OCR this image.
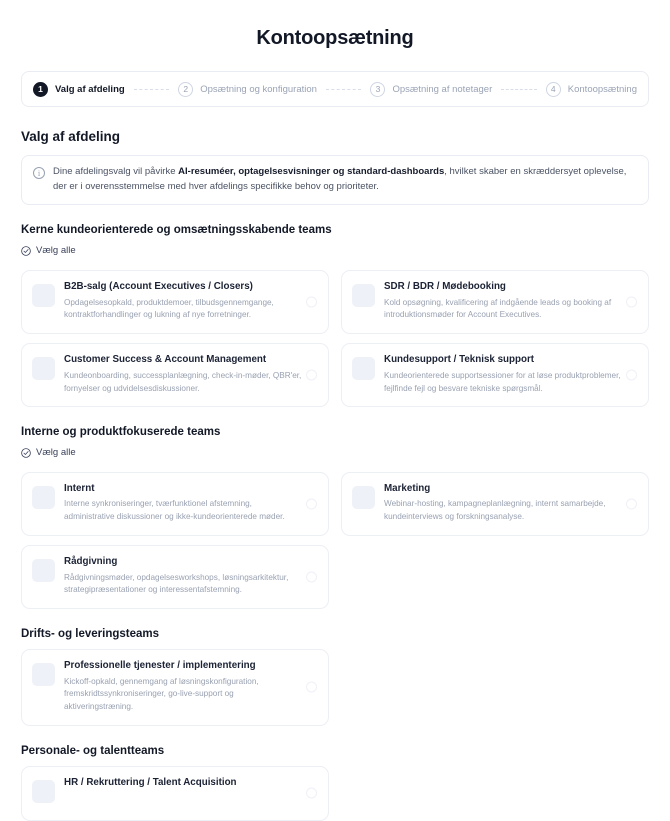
Kontoopsætning
1	Valg af afdeling	2	Opsætning og konfiguration	3	Opsætning af notetager	4	Kontoopsætning
Valg af afdeling
i	Dine afdelingsvalg vil påvirke AI-resuméer, optagelsesvisninger og standard-dashboards, hvilket skaber en skræddersyet oplevelse, der er i overensstemmelse med hver afdelings specifikke behov og prioriteter.
Kerne kundeorienterede og omsætningsskabende teams
Vælg alle
B2B-salg (Account Executives / Closers)
Opdagelsesopkald, produktdemoer, tilbudsgennemgange, kontraktforhandlinger og lukning af nye forretninger.
SDR / BDR / Mødebooking
Kold opsøgning, kvalificering af indgående leads og booking af introduktionsmøder for Account Executives.
Customer Success & Account Management
Kundeonboarding, successplanlægning, check-in-møder, QBR'er, fornyelser og udvidelsesdiskussioner.
Kundesupport / Teknisk support
Kundeorienterede supportsessioner for at løse produktproblemer, fejlfinde fejl og besvare tekniske spørgsmål.
Interne og produktfokuserede teams
Vælg alle
Internt
Interne synkroniseringer, tværfunktionel afstemning, administrative diskussioner og ikke-kundeorienterede møder.
Marketing
Webinar-hosting, kampagneplanlægning, internt samarbejde, kundeinterviews og forskningsanalyse.
Rådgivning
Rådgivningsmøder, opdagelsesworkshops, løsningsarkitektur, strategipræsentationer og interessentafstemning.
Drifts- og leveringsteams
Professionelle tjenester / implementering
Kickoff-opkald, gennemgang af løsningskonfiguration, fremskridtssynkroniseringer, go-live-support og aktiveringstræning.
Personale- og talentteams
HR / Rekruttering / Talent Acquisition
